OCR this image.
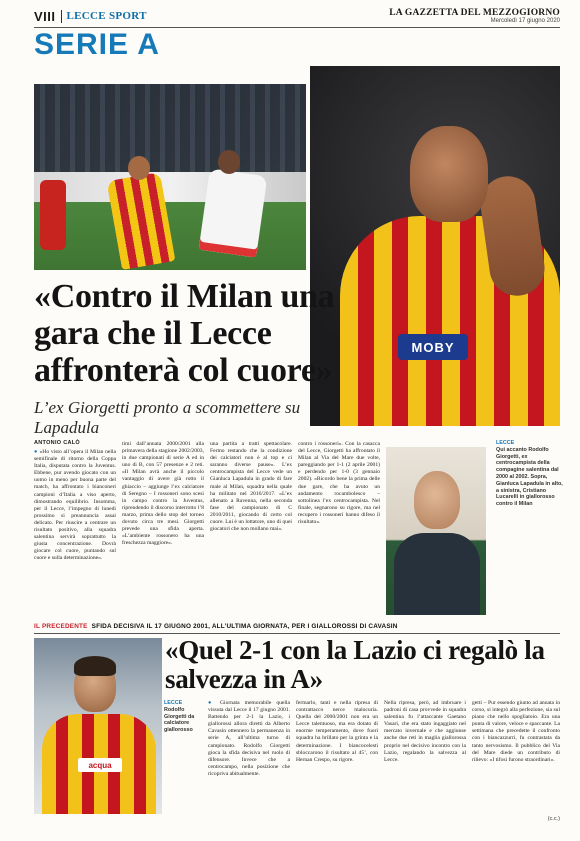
VIII LECCE SPORT	LA GAZZETTA DEL MEZZOGIORNO
Mercoledì 17 giugno 2020
SERIE A
MOBY
«Contro il Milan una gara che il Lecce affronterà col cuore»
L’ex Giorgetti pronto a scommettere su Lapadula
ANTONIO CALÒ
● «Ho visto all’opera il Milan nella semifinale di ritorno della Coppa Italia, disputata contro la Juventus. Ebbene, pur avendo giocato con un uomo in meno per buona parte del match, ha affrontato i bianconeri campioni d’Italia a viso aperto, dimostrando equilibrio. Insomma, per il Lecce, l’impegno di lunedì prossimo si preannuncia assai delicato. Per riuscire a centrare un risultato positivo, alla squadra salentina servirà soprattutto la giusta concentrazione. Dovrà giocare col cuore, puntando sul cuore e sulla determinazione».
timi dall’annata 2000/2001 alla primavera della stagione 2002/2003, in due campionati di serie A ed in uno di B, con 57 presenze e 2 reti. «Il Milan avrà anche il piccolo vantaggio di avere già rotto il ghiaccio – aggiunge l’ex calciatore di Seregno – I rossoneri sono scesi in campo contro la Juventus, riprendendo il discorso interrotto l’8 marzo, prima dello stop del torneo dovuto circa tre mesi. Giorgetti prevede una sfida aperta. «L’ambiente rossonero ha una freschezza maggiore».
una partita a tratti spettacolare. Fermo restando che la condizione dei calciatori non è al top e ci saranno diverse pause». L’ex centrocampista del Lecce vede un Gianluca Lapadula in grado di fare male al Milan, squadra nella quale ha militato nel 2016/2017. «L’ex allenato a Ravenna, nella seconda fase del campionato di C 2010/2011, giocando di certo col cuore. Lui è un lottatore, uno di quei giocatori che non mollano mai».
contro i rossoneri». Con la casacca del Lecce, Giorgetti ha affrontato il Milan al Via del Mare due volte, pareggiando per 1-1 (2 aprile 2001) e perdendo per 1-0 (3 gennaio 2002). «Ricordo bene la prima delle due gare, che ha avuto un andamento rocambolesco – sottolinea l’ex centrocampista. Nel finale, segnarono su rigore, ma nel recupero i rossoneri hanno difeso il risultato».
LECCE
Qui accanto Rodolfo Giorgetti, ex centrocampista della compagine salentina dal 2000 al 2002. Sopra, Gianluca Lapadula in alto, a sinistra, Cristiano Lucarelli in giallorosso contro il Milan
IL PRECEDENTE SFIDA DECISIVA IL 17 GIUGNO 2001, ALL’ULTIMA GIORNATA, PER I GIALLOROSSI DI CAVASIN
acqua
LECCE
Rodolfo Giorgetti da calciatore giallorosso
«Quel 2-1 con la Lazio ci regalò la salvezza in A»
● Giornata memorabile quella vissuta dal Lecce il 17 giugno 2001. Battendo per 2-1 la Lazio, i giallorossi allora diretti da Alberto Cavasin ottennero la permanenza in serie A, all’ultima turno di campionato. Rodolfo Giorgetti gioca la sfida decisiva nel ruolo di difensore. Invece che a centrocampo, nella posizione che ricopriva abitualmente.
fermarlo, tanti e nella ripresa di contrattacco nerce malocuria. Quella del 2000/2001 non era un Lecce talentuoso, ma era dotato di enorme temperamento, dove fuori squadra ha brillato per la grinta e la determinazione. I biancocelesti sbloccarono il risultato al 45’, con Hernan Crespo, su rigore.
Nella ripresa, però, ad imbruare i padroni di casa provvede in squadra salentina fu l’attaccante Gaetano Vasari, che era stato ingaggiato nel mercato invernale e che aggiunse anche due reti in maglia giallorossa proprio nel decisivo incontro con la Lazio, regalando la salvezza al Lecce.
getti – Pur essendo giunto ad annata in corso, si integrò alla perfezione, sia sul piano che nello spogliatoio. Era una punta di valore, veloce e spaccante. La settimana che precedette il confronto con i biancazzurri, fu contrastata da tanto nervosismo. Il pubblico del Via del Mare diede un contributo di rilievo: «I tifosi furono straordinari».
(c.c.)
